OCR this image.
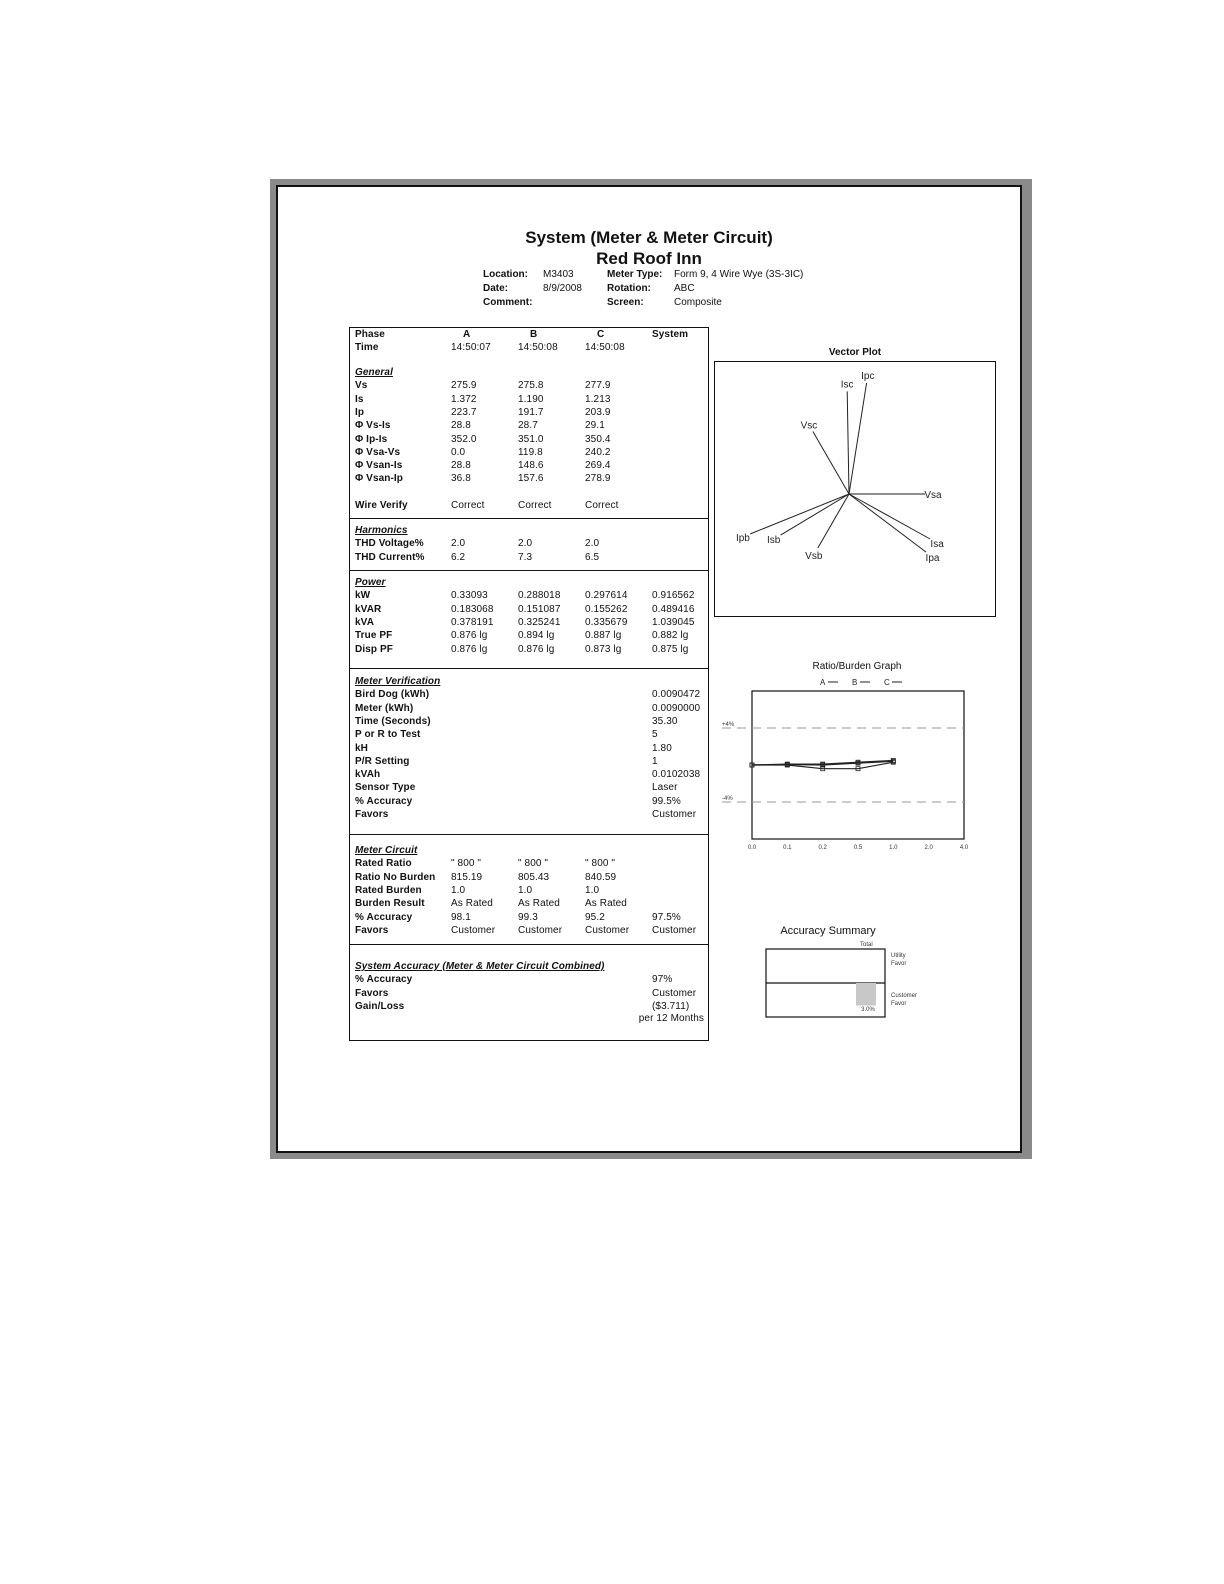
System (Meter & Meter Circuit)
Red Roof Inn
Location: M3403
Date:	8/9/2008
Comment:
Meter Type: Form 9, 4 Wire Wye (3S-3IC)
Rotation: ABC
Screen:	Composite
Phase	A	B	C	System
Time	14:50:07	14:50:08	14:50:08
General
Vs	275.9	275.8	277.9
Is	1.372	1.190	1.213
Ip	223.7	191.7	203.9
Φ Vs-Is	28.8	28.7	29.1
Φ Ip-Is	352.0	351.0	350.4
Φ Vsa-Vs	0.0	119.8	240.2
Φ Vsan-Is	28.8	148.6	269.4
Φ Vsan-Ip	36.8	157.6	278.9
Wire Verify	Correct	Correct	Correct
Harmonics
THD Voltage%	2.0	2.0	2.0
THD Current%	6.2	7.3	6.5
Power
kW	0.33093	0.288018 0.297614 0.916562
kVAR	0.183068 0.151087 0.155262 0.489416
kVA	0.378191 0.325241 0.335679 1.039045
True PF	0.876 lg	0.894 lg	0.887 lg	0.882 lg
Disp PF	0.876 lg	0.876 lg	0.873 lg	0.875 lg
Meter Verification
Bird Dog (kWh)	0.0090472
Meter (kWh)	0.0090000
Time (Seconds)	35.30
P or R to Test	5
kH	1.80
P/R Setting	1
kVAh	0.0102038
Sensor Type	Laser
% Accuracy	99.5%
Favors	Customer
Meter Circuit
Rated Ratio	" 800 "	" 800 "	" 800 "
Ratio No Burden 815.19	805.43	840.59
Rated Burden	1.0	1.0	1.0
Burden Result	As Rated	As Rated	As Rated
% Accuracy	98.1	99.3	95.2	97.5%
Favors	Customer Customer Customer Customer
System Accuracy (Meter & Meter Circuit Combined)
% Accuracy	97%
Favors	Customer
Gain/Loss	($3.711)
per 12 Months
Vector Plot
Vsa
Isa
Ipa
Vsb
Isb
Ipb
Vsc
Isc
Ipc
Ratio/Burden Graph
A	B	C
+4%
-4%
0.0	0.1	0.2	0.5	1.0	2.0	4.0
Accuracy Summary
Total
3.0%
Utility
Favor
Customer
Favor
